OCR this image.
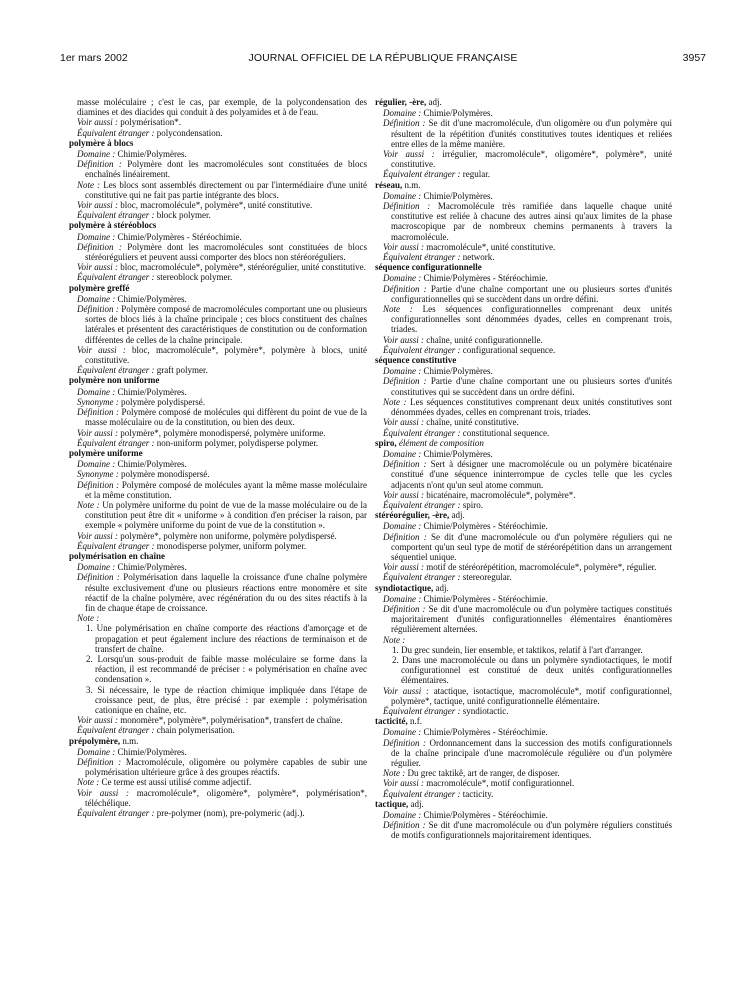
1er mars 2002	JOURNAL OFFICIEL DE LA RÉPUBLIQUE FRANÇAISE	3957
masse moléculaire ; c'est le cas, par exemple, de la polycondensation des diamines et des diacides qui conduit à des polyamides et à de l'eau.
Voir aussi : polymérisation*.
Équivalent étranger : polycondensation.
polymère à blocs
Domaine : Chimie/Polymères.
Définition : Polymère dont les macromolécules sont constituées de blocs enchaînés linéairement.
Note : Les blocs sont assemblés directement ou par l'intermédiaire d'une unité constitutive qui ne fait pas partie intégrante des blocs.
Voir aussi : bloc, macromolécule*, polymère*, unité constitutive.
Équivalent étranger : block polymer.
polymère à stéréoblocs
Domaine : Chimie/Polymères - Stéréochimie.
Définition : Polymère dont les macromolécules sont constituées de blocs stéréoréguliers et peuvent aussi comporter des blocs non stéréoréguliers.
Voir aussi : bloc, macromolécule*, polymère*, stéréorégulier, unité constitutive.
Équivalent étranger : stereoblock polymer.
polymère greffé
Domaine : Chimie/Polymères.
Définition : Polymère composé de macromolécules comportant une ou plusieurs sortes de blocs liés à la chaîne principale ; ces blocs constituent des chaînes latérales et présentent des caractéristiques de constitution ou de conformation différentes de celles de la chaîne principale.
Voir aussi : bloc, macromolécule*, polymère*, polymère à blocs, unité constitutive.
Équivalent étranger : graft polymer.
polymère non uniforme
Domaine : Chimie/Polymères.
Synonyme : polymère polydispersé.
Définition : Polymère composé de molécules qui diffèrent du point de vue de la masse moléculaire ou de la constitution, ou bien des deux.
Voir aussi : polymère*, polymère monodispersé, polymère uniforme.
Équivalent étranger : non-uniform polymer, polydisperse polymer.
polymère uniforme
Domaine : Chimie/Polymères.
Synonyme : polymère monodispersé.
Définition : Polymère composé de molécules ayant la même masse moléculaire et la même constitution.
Note : Un polymère uniforme du point de vue de la masse moléculaire ou de la constitution peut être dit « uniforme » à condition d'en préciser la raison, par exemple « polymère uniforme du point de vue de la constitution ».
Voir aussi : polymère*, polymère non uniforme, polymère polydispersé.
Équivalent étranger : monodisperse polymer, uniform polymer.
polymérisation en chaîne
Domaine : Chimie/Polymères.
Définition : Polymérisation dans laquelle la croissance d'une chaîne polymère résulte exclusivement d'une ou plusieurs réactions entre monomère et site réactif de la chaîne polymère, avec régénération du ou des sites réactifs à la fin de chaque étape de croissance.
Note :
1. Une polymérisation en chaîne comporte des réactions d'amorçage et de propagation et peut également inclure des réactions de terminaison et de transfert de chaîne.
2. Lorsqu'un sous-produit de faible masse moléculaire se forme dans la réaction, il est recommandé de préciser : « polymérisation en chaîne avec condensation ».
3. Si nécessaire, le type de réaction chimique impliquée dans l'étape de croissance peut, de plus, être précisé : par exemple : polymérisation cationique en chaîne, etc.
Voir aussi : monomère*, polymère*, polymérisation*, transfert de chaîne.
Équivalent étranger : chain polymerisation.
prépolymère, n.m.
Domaine : Chimie/Polymères.
Définition : Macromolécule, oligomère ou polymère capables de subir une polymérisation ultérieure grâce à des groupes réactifs.
Note : Ce terme est aussi utilisé comme adjectif.
Voir aussi : macromolécule*, oligomère*, polymère*, polymérisation*, téléchélique.
Équivalent étranger : pre-polymer (nom), pre-polymeric (adj.).
régulier, -ère, adj.
Domaine : Chimie/Polymères.
Définition : Se dit d'une macromolécule, d'un oligomère ou d'un polymère qui résultent de la répétition d'unités constitutives toutes identiques et reliées entre elles de la même manière.
Voir aussi : irrégulier, macromolécule*, oligomère*, polymère*, unité constitutive.
Équivalent étranger : regular.
réseau, n.m.
Domaine : Chimie/Polymères.
Définition : Macromolécule très ramifiée dans laquelle chaque unité constitutive est reliée à chacune des autres ainsi qu'aux limites de la phase macroscopique par de nombreux chemins permanents à travers la macromolécule.
Voir aussi : macromolécule*, unité constitutive.
Équivalent étranger : network.
séquence configurationnelle
Domaine : Chimie/Polymères - Stéréochimie.
Définition : Partie d'une chaîne comportant une ou plusieurs sortes d'unités configurationnelles qui se succèdent dans un ordre défini.
Note : Les séquences configurationnelles comprenant deux unités configurationnelles sont dénommées dyades, celles en comprenant trois, triades.
Voir aussi : chaîne, unité configurationnelle.
Équivalent étranger : configurational sequence.
séquence constitutive
Domaine : Chimie/Polymères.
Définition : Partie d'une chaîne comportant une ou plusieurs sortes d'unités constitutives qui se succèdent dans un ordre défini.
Note : Les séquences constitutives comprenant deux unités constitutives sont dénommées dyades, celles en comprenant trois, triades.
Voir aussi : chaîne, unité constitutive.
Équivalent étranger : constitutional sequence.
spiro, élément de composition
Domaine : Chimie/Polymères.
Définition : Sert à désigner une macromolécule ou un polymère bicaténaire constitué d'une séquence ininterrompue de cycles telle que les cycles adjacents n'ont qu'un seul atome commun.
Voir aussi : bicaténaire, macromolécule*, polymère*.
Équivalent étranger : spiro.
stéréorégulier, -ère, adj.
Domaine : Chimie/Polymères - Stéréochimie.
Définition : Se dit d'une macromolécule ou d'un polymère réguliers qui ne comportent qu'un seul type de motif de stéréorépétition dans un arrangement séquentiel unique.
Voir aussi : motif de stéréorépétition, macromolécule*, polymère*, régulier.
Équivalent étranger : stereoregular.
syndiotactique, adj.
Domaine : Chimie/Polymères - Stéréochimie.
Définition : Se dit d'une macromolécule ou d'un polymère tactiques constitués majoritairement d'unités configurationnelles élémentaires énantiomères régulièrement alternées.
Note :
1. Du grec sundein, lier ensemble, et taktikos, relatif à l'art d'arranger.
2. Dans une macromolécule ou dans un polymère syndiotactiques, le motif configurationnel est constitué de deux unités configurationnelles élémentaires.
Voir aussi : atactique, isotactique, macromolécule*, motif configurationnel, polymère*, tactique, unité configurationnelle élémentaire.
Équivalent étranger : syndiotactic.
tacticité, n.f.
Domaine : Chimie/Polymères - Stéréochimie.
Définition : Ordonnancement dans la succession des motifs configurationnels de la chaîne principale d'une macromolécule régulière ou d'un polymère régulier.
Note : Du grec taktikê, art de ranger, de disposer.
Voir aussi : macromolécule*, motif configurationnel.
Équivalent étranger : tacticity.
tactique, adj.
Domaine : Chimie/Polymères - Stéréochimie.
Définition : Se dit d'une macromolécule ou d'un polymère réguliers constitués de motifs configurationnels majoritairement identiques.
